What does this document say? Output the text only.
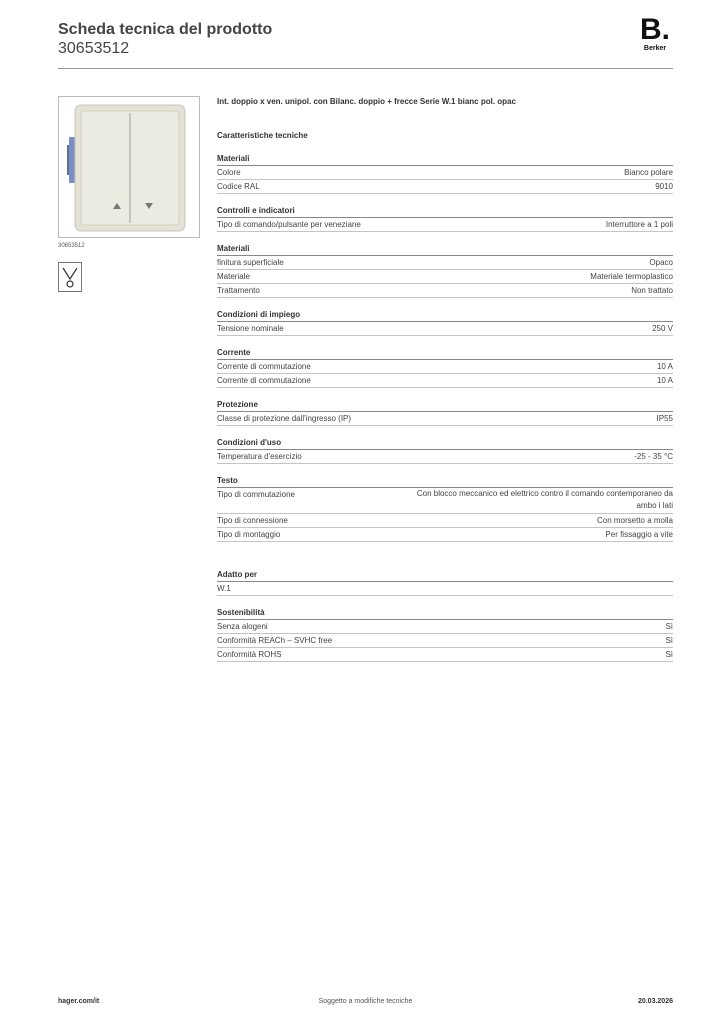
Scheda tecnica del prodotto
30653512
B.
Berker
30653512
Int. doppio x ven. unipol. con Bilanc. doppio + frecce Serie W.1 bianc pol. opac
Caratteristiche tecniche
Materiali
Colore	Bianco polare
Codice RAL	9010
Controlli e indicatori
Tipo di comando/pulsante per veneziane	Interruttore a 1 poli
Materiali
finitura superficiale	Opaco
Materiale	Materiale termoplastico
Trattamento	Non trattato
Condizioni di impiego
Tensione nominale	250 V
Corrente
Corrente di commutazione	10 A
Corrente di commutazione	10 A
Protezione
Classe di protezione dall'ingresso (IP)	IP55
Condizioni d'uso
Temperatura d'esercizio	-25 - 35 °C
Testo
Tipo di commutazione	Con blocco meccanico ed elettrico contro il comando contemporaneo da ambo i lati
Tipo di connessione	Con morsetto a molla
Tipo di montaggio	Per fissaggio a vite
Adatto per
W.1
Sostenibilità
Senza alogeni	Sì
Conformità REACh – SVHC free	Sì
Conformità ROHS	Sì
hager.com/it	Soggetto a modifiche tecniche	20.03.2026
